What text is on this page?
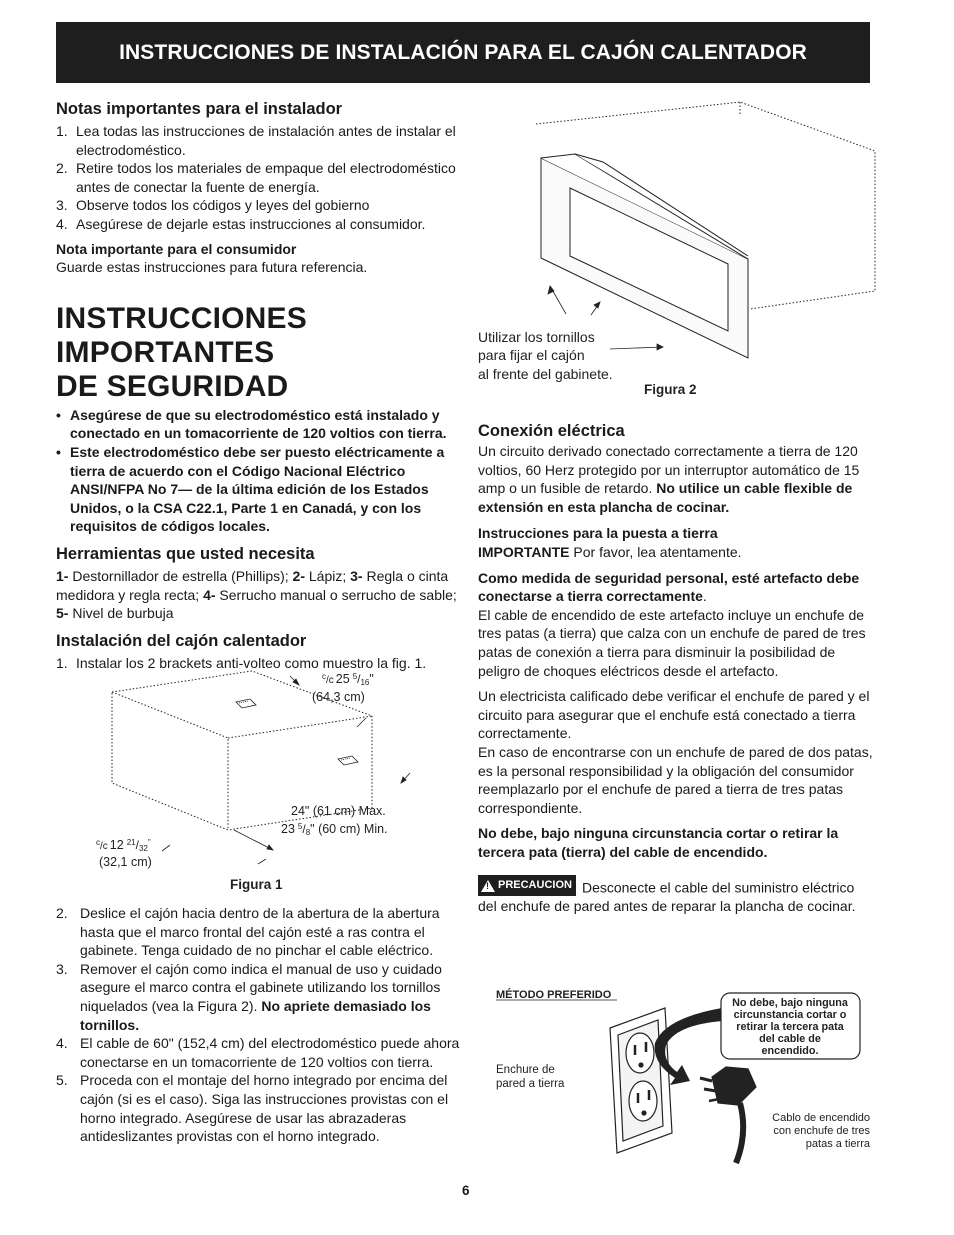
INSTRUCCIONES DE INSTALACIÓN PARA EL CAJÓN CALENTADOR
Notas importantes para el instalador
1. Lea todas las instrucciones de instalación antes de instalar el electrodoméstico.
2. Retire todos los materiales de empaque del electrodoméstico antes de conectar la fuente de energía.
3. Observe todos los códigos y leyes del gobierno
4. Asegúrese de dejarle estas instrucciones al consumidor.

Nota importante para el consumidor

Guarde estas instrucciones para futura referencia.

INSTRUCCIONES IMPORTANTES
DE SEGURIDAD
• Asegúrese de que su electrodoméstico está instalado y conectado en un tomacorriente de 120 voltios con tierra.
• Este electrodoméstico debe ser puesto eléctricamente a tierra de acuerdo con el Código Nacional Eléctrico ANSI/NFPA No 7— de la última edición de los Estados Unidos, o la CSA C22.1, Parte 1 en Canadá, y con los requisitos de códigos locales.
Herramientas que usted necesita

1- Destornillador de estrella (Phillips); 2- Lápiz; 3- Regla o cinta medidora y regla recta; 4- Serrucho manual o serrucho de sable; 5- Nivel de burbuja

Instalación del cajón calentador
1. Instalar los 2 brackets anti-volteo como muestro la fig. 1.
$^c_{/c}$ 25 $^5$/16"
(64,3 cm)
24" (61 cm) Max.
23 $^5$/8" (60 cm) Min.
$^c_{/c}$ 12 $^{21}$/32"
(32,1 cm)
Figura 1
2. Deslice el cajón hacia dentro de la abertura de la abertura hasta que el marco frontal del cajón esté a ras contra el gabinete. Tenga cuidado de no pinchar el cable eléctrico.
3. Remover el cajón como indica el manual de uso y cuidado asegure el marco contra el gabinete utilizando los tornillos niquelados (vea la Figura 2). No apriete demasiado los tornillos.
4. El cable de 60" (152,4 cm) del electrodoméstico puede ahora conectarse en un tomacorriente de 120 voltios con tierra.
5. Proceda con el montaje del horno integrado por encima del cajón (si es el caso). Siga las instrucciones provistas con el horno integrado. Asegúrese de usar las abrazaderas antideslizantes provistas con el horno integrado.
Utilizar los tornillos
para fijar el cajón
al frente del gabinete.
Figura 2
Conexión eléctrica

Un circuito derivado conectado correctamente a tierra de 120 voltios, 60 Herz protegido por un interruptor automático de 15 amp o un fusible de retardo. No utilice un cable flexible de extensión en esta plancha de cocinar.

Instrucciones para la puesta a tierra

IMPORTANTE Por favor, lea atentamente.

Como medida de seguridad personal, esté artefacto debe conectarse a tierra correctamente.

El cable de encendido de este artefacto incluye un enchufe de tres patas (a tierra) que calza con un enchufe de pared de tres patas de conexión a tierra para disminuir la posibilidad de peligro de choques eléctricos desde el artefacto.

Un electricista calificado debe verificar el enchufe de pared y el circuito para asegurar que el enchufe está conectado a tierra correctamente.

En caso de encontrarse con un enchufe de pared de dos patas, es la personal responsibilidad y la obligación del consumidor reemplazarlo por el enchufe de pared a tierra de tres patas correspondiente.

No debe, bajo ninguna circunstancia cortar o retirar la tercera pata (tierra) del cable de encendido.

! PRECAUCION Desconecte el cable del suministro eléctrico del enchufe de pared antes de reparar la plancha de cocinar.

MÉTODO PREFERIDO
No debe, bajo ninguna
circunstancia cortar o
retirar la tercera pata
del cable de
encendido.
Enchure de
pared a tierra
Cablo de encendido
con enchufe de tres
patas a tierra
6
